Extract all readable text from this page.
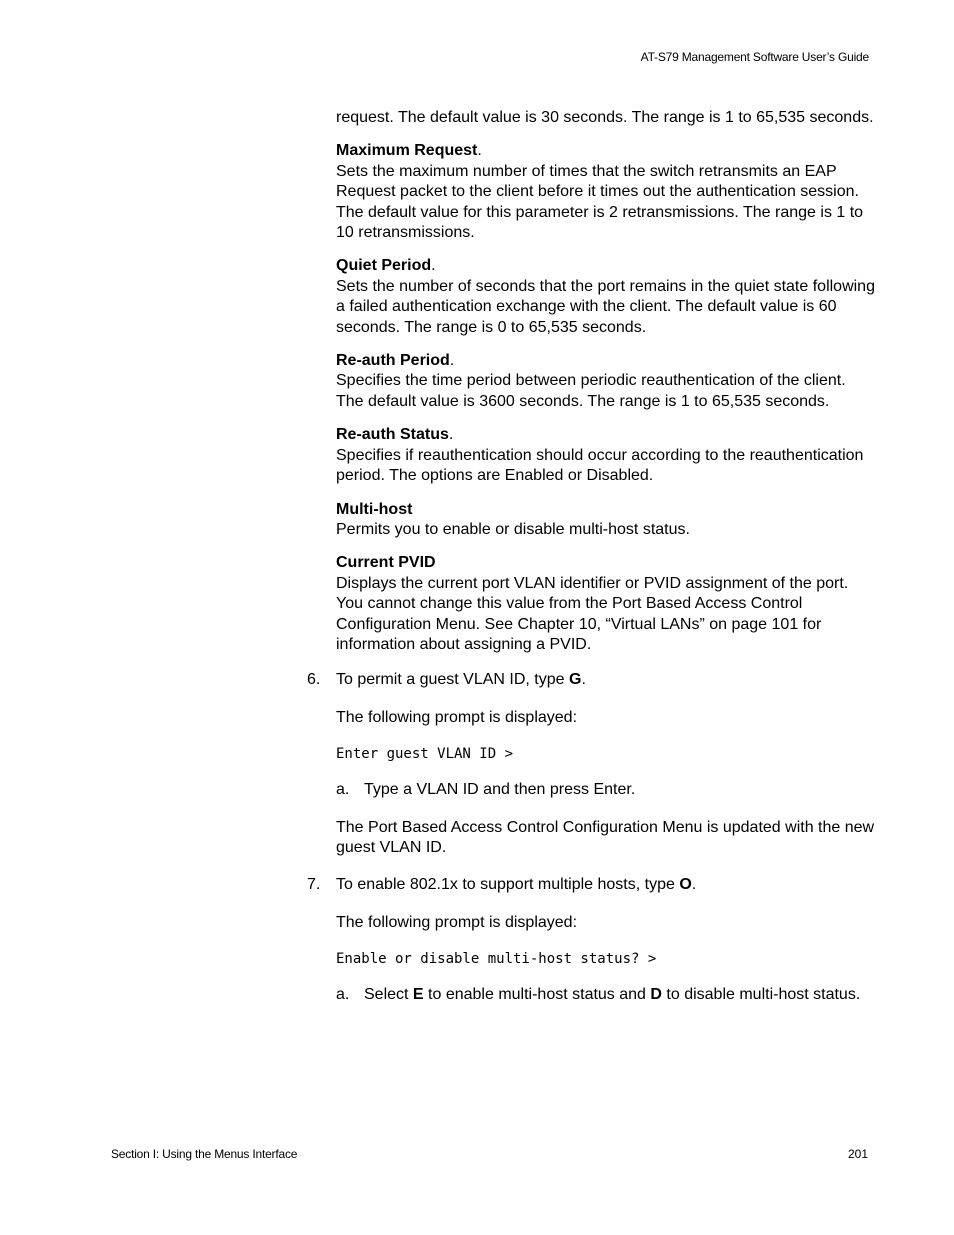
AT-S79 Management Software User’s Guide

request. The default value is 30 seconds. The range is 1 to 65,535 seconds.

Maximum Request.

Sets the maximum number of times that the switch retransmits an EAP Request packet to the client before it times out the authentication session. The default value for this parameter is 2 retransmissions. The range is 1 to 10 retransmissions.

Quiet Period.

Sets the number of seconds that the port remains in the quiet state following a failed authentication exchange with the client. The default value is 60 seconds. The range is 0 to 65,535 seconds.

Re-auth Period.

Specifies the time period between periodic reauthentication of the client. The default value is 3600 seconds. The range is 1 to 65,535 seconds.

Re-auth Status.

Specifies if reauthentication should occur according to the reauthentication period. The options are Enabled or Disabled.

Multi-host

Permits you to enable or disable multi-host status.

Current PVID

Displays the current port VLAN identifier or PVID assignment of the port. You cannot change this value from the Port Based Access Control Configuration Menu. See Chapter 10, “Virtual LANs” on page 101 for information about assigning a PVID.

6. To permit a guest VLAN ID, type G.

The following prompt is displayed:

Enter guest VLAN ID >

a. Type a VLAN ID and then press Enter.

The Port Based Access Control Configuration Menu is updated with the new guest VLAN ID.

7. To enable 802.1x to support multiple hosts, type O.

The following prompt is displayed:

Enable or disable multi-host status? >

a. Select E to enable multi-host status and D to disable multi-host status.

Section I: Using the Menus Interface	201
